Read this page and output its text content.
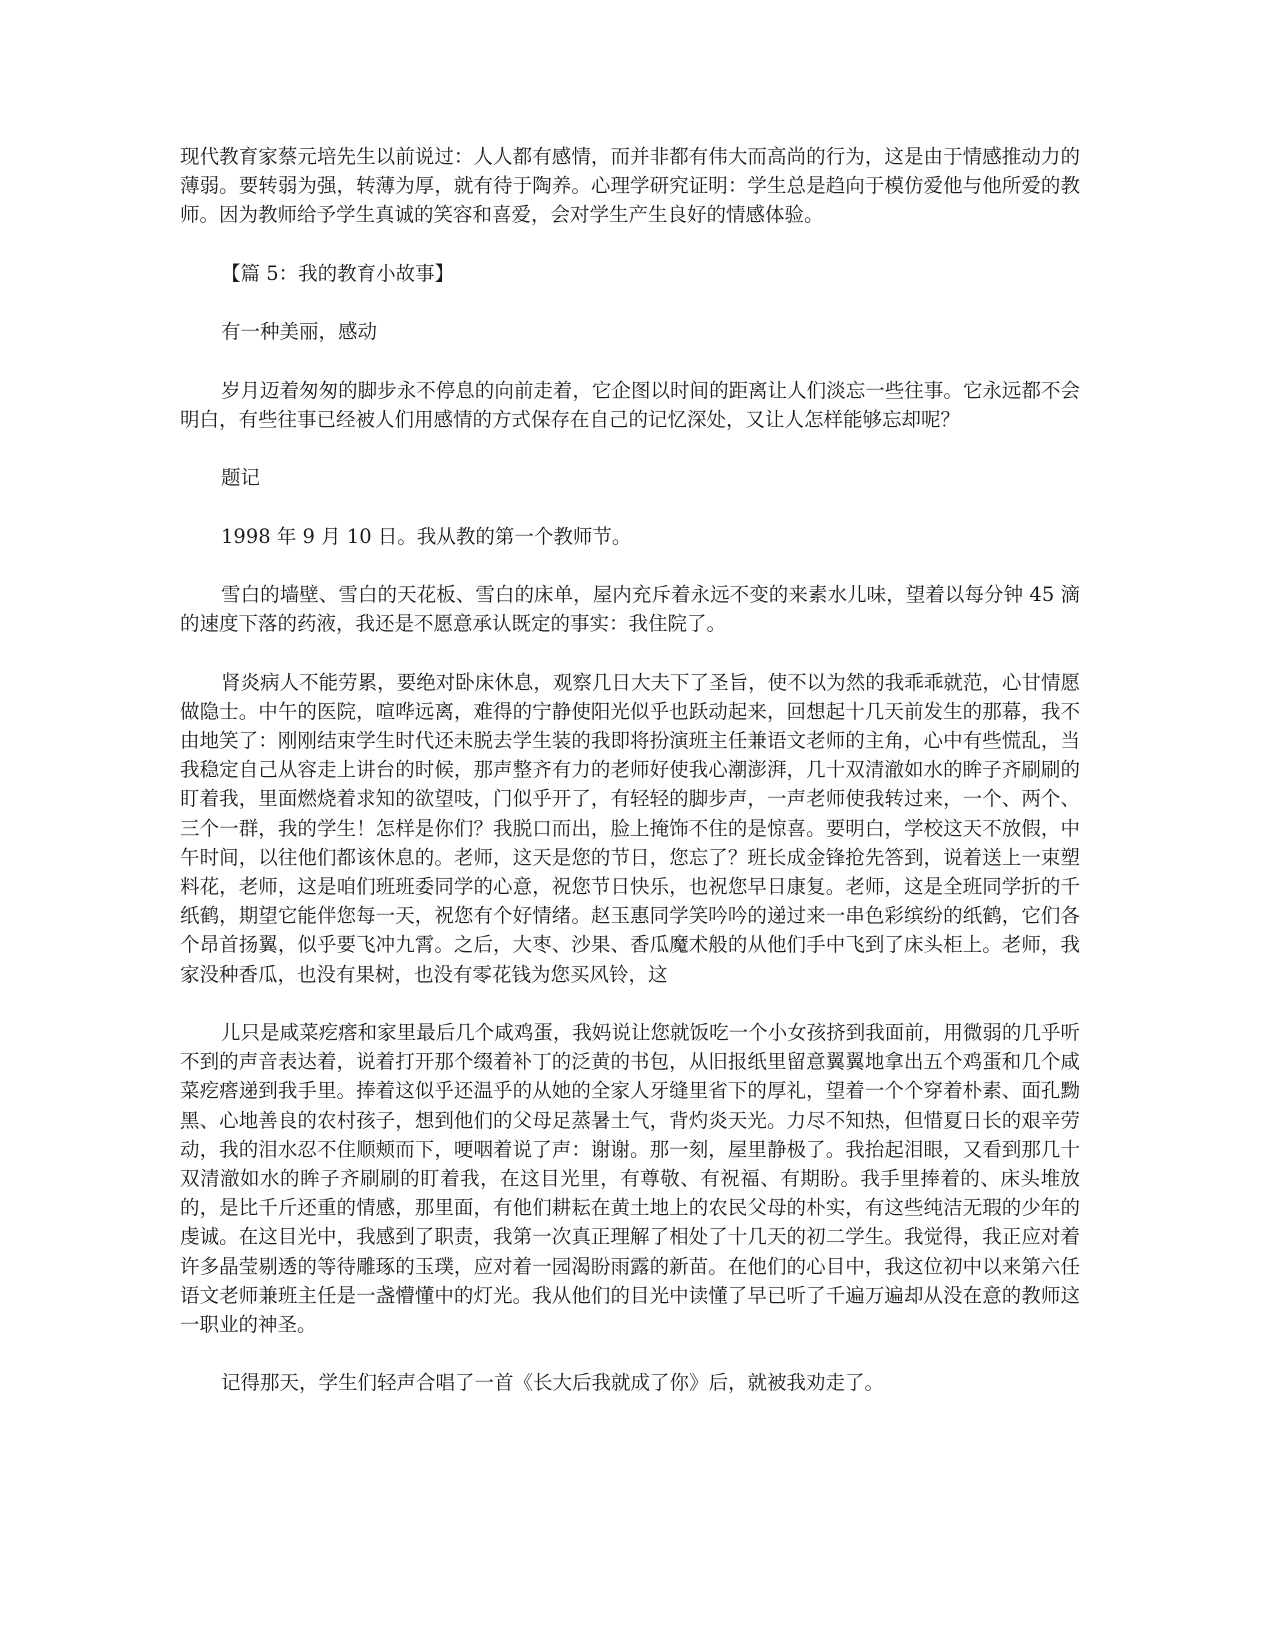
现代教育家蔡元培先生以前说过：人人都有感情，而并非都有伟大而高尚的行为，这是由于情感推动力的薄弱。要转弱为强，转薄为厚，就有待于陶养。心理学研究证明：学生总是趋向于模仿爱他与他所爱的教师。因为教师给予学生真诚的笑容和喜爱，会对学生产生良好的情感体验。

【篇 5：我的教育小故事】

有一种美丽，感动

岁月迈着匆匆的脚步永不停息的向前走着，它企图以时间的距离让人们淡忘一些往事。它永远都不会明白，有些往事已经被人们用感情的方式保存在自己的记忆深处，又让人怎样能够忘却呢？

题记

1998 年 9 月 10 日。我从教的第一个教师节。

雪白的墙壁、雪白的天花板、雪白的床单，屋内充斥着永远不变的来素水儿味，望着以每分钟 45 滴的速度下落的药液，我还是不愿意承认既定的事实：我住院了。

肾炎病人不能劳累，要绝对卧床休息，观察几日大夫下了圣旨，使不以为然的我乖乖就范，心甘情愿做隐士。中午的医院，喧哗远离，难得的宁静使阳光似乎也跃动起来，回想起十几天前发生的那幕，我不由地笑了：刚刚结束学生时代还未脱去学生装的我即将扮演班主任兼语文老师的主角，心中有些慌乱，当我稳定自己从容走上讲台的时候，那声整齐有力的老师好使我心潮澎湃，几十双清澈如水的眸子齐刷刷的盯着我，里面燃烧着求知的欲望吱，门似乎开了，有轻轻的脚步声，一声老师使我转过来，一个、两个、三个一群，我的学生！怎样是你们？我脱口而出，脸上掩饰不住的是惊喜。要明白，学校这天不放假，中午时间，以往他们都该休息的。老师，这天是您的节日，您忘了？班长成金锋抢先答到，说着送上一束塑料花，老师，这是咱们班班委同学的心意，祝您节日快乐，也祝您早日康复。老师，这是全班同学折的千纸鹤，期望它能伴您每一天，祝您有个好情绪。赵玉惠同学笑吟吟的递过来一串色彩缤纷的纸鹤，它们各个昂首扬翼，似乎要飞冲九霄。之后，大枣、沙果、香瓜魔术般的从他们手中飞到了床头柜上。老师，我家没种香瓜，也没有果树，也没有零花钱为您买风铃，这

儿只是咸菜疙瘩和家里最后几个咸鸡蛋，我妈说让您就饭吃一个小女孩挤到我面前，用微弱的几乎听不到的声音表达着，说着打开那个缀着补丁的泛黄的书包，从旧报纸里留意翼翼地拿出五个鸡蛋和几个咸菜疙瘩递到我手里。捧着这似乎还温乎的从她的全家人牙缝里省下的厚礼，望着一个个穿着朴素、面孔黝黑、心地善良的农村孩子，想到他们的父母足蒸暑土气，背灼炎天光。力尽不知热，但惜夏日长的艰辛劳动，我的泪水忍不住顺颊而下，哽咽着说了声：谢谢。那一刻，屋里静极了。我抬起泪眼，又看到那几十双清澈如水的眸子齐刷刷的盯着我，在这目光里，有尊敬、有祝福、有期盼。我手里捧着的、床头堆放的，是比千斤还重的情感，那里面，有他们耕耘在黄土地上的农民父母的朴实，有这些纯洁无瑕的少年的虔诚。在这目光中，我感到了职责，我第一次真正理解了相处了十几天的初二学生。我觉得，我正应对着许多晶莹剔透的等待雕琢的玉璞，应对着一园渴盼雨露的新苗。在他们的心目中，我这位初中以来第六任语文老师兼班主任是一盏懵懂中的灯光。我从他们的目光中读懂了早已听了千遍万遍却从没在意的教师这一职业的神圣。

记得那天，学生们轻声合唱了一首《长大后我就成了你》后，就被我劝走了。
